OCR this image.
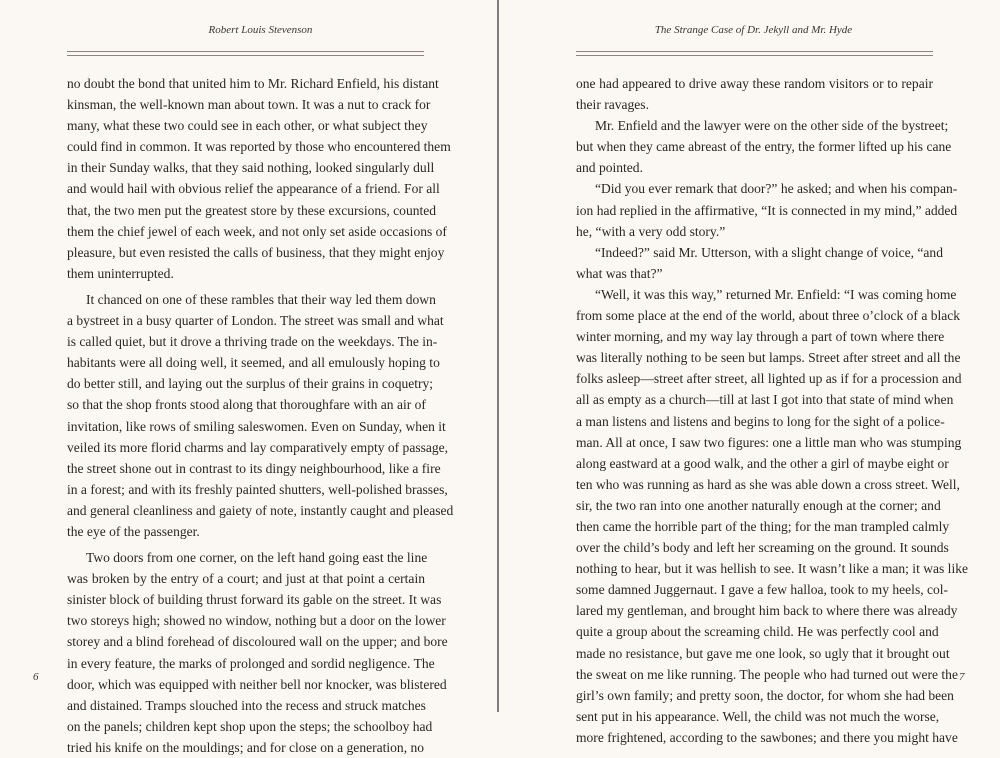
Robert Louis Stevenson

no doubt the bond that united him to Mr. Richard Enfield, his distant
kinsman, the well-known man about town. It was a nut to crack for
many, what these two could see in each other, or what subject they
could find in common. It was reported by those who encountered them
in their Sunday walks, that they said nothing, looked singularly dull
and would hail with obvious relief the appearance of a friend. For all
that, the two men put the greatest store by these excursions, counted
them the chief jewel of each week, and not only set aside occasions of
pleasure, but even resisted the calls of business, that they might enjoy
them uninterrupted.

It chanced on one of these rambles that their way led them down
a bystreet in a busy quarter of London. The street was small and what
is called quiet, but it drove a thriving trade on the weekdays. The in-
habitants were all doing well, it seemed, and all emulously hoping to
do better still, and laying out the surplus of their grains in coquetry;
so that the shop fronts stood along that thoroughfare with an air of
invitation, like rows of smiling saleswomen. Even on Sunday, when it
veiled its more florid charms and lay comparatively empty of passage,
the street shone out in contrast to its dingy neighbourhood, like a fire
in a forest; and with its freshly painted shutters, well-polished brasses,
and general cleanliness and gaiety of note, instantly caught and pleased
the eye of the passenger.

Two doors from one corner, on the left hand going east the line
was broken by the entry of a court; and just at that point a certain
sinister block of building thrust forward its gable on the street. It was
two storeys high; showed no window, nothing but a door on the lower
storey and a blind forehead of discoloured wall on the upper; and bore
in every feature, the marks of prolonged and sordid negligence. The
door, which was equipped with neither bell nor knocker, was blistered
and distained. Tramps slouched into the recess and struck matches
on the panels; children kept shop upon the steps; the schoolboy had
tried his knife on the mouldings; and for close on a generation, no

6
The Strange Case of Dr. Jekyll and Mr. Hyde

one had appeared to drive away these random visitors or to repair
their ravages.

Mr. Enfield and the lawyer were on the other side of the bystreet;
but when they came abreast of the entry, the former lifted up his cane
and pointed.

“Did you ever remark that door?” he asked; and when his compan-
ion had replied in the affirmative, “It is connected in my mind,” added
he, “with a very odd story.”

“Indeed?” said Mr. Utterson, with a slight change of voice, “and
what was that?”

“Well, it was this way,” returned Mr. Enfield: “I was coming home
from some place at the end of the world, about three o’clock of a black
winter morning, and my way lay through a part of town where there
was literally nothing to be seen but lamps. Street after street and all the
folks asleep—street after street, all lighted up as if for a procession and
all as empty as a church—till at last I got into that state of mind when
a man listens and listens and begins to long for the sight of a police-
man. All at once, I saw two figures: one a little man who was stumping
along eastward at a good walk, and the other a girl of maybe eight or
ten who was running as hard as she was able down a cross street. Well,
sir, the two ran into one another naturally enough at the corner; and
then came the horrible part of the thing; for the man trampled calmly
over the child’s body and left her screaming on the ground. It sounds
nothing to hear, but it was hellish to see. It wasn’t like a man; it was like
some damned Juggernaut. I gave a few halloa, took to my heels, col-
lared my gentleman, and brought him back to where there was already
quite a group about the screaming child. He was perfectly cool and
made no resistance, but gave me one look, so ugly that it brought out
the sweat on me like running. The people who had turned out were the
girl’s own family; and pretty soon, the doctor, for whom she had been
sent put in his appearance. Well, the child was not much the worse,
more frightened, according to the sawbones; and there you might have

7
